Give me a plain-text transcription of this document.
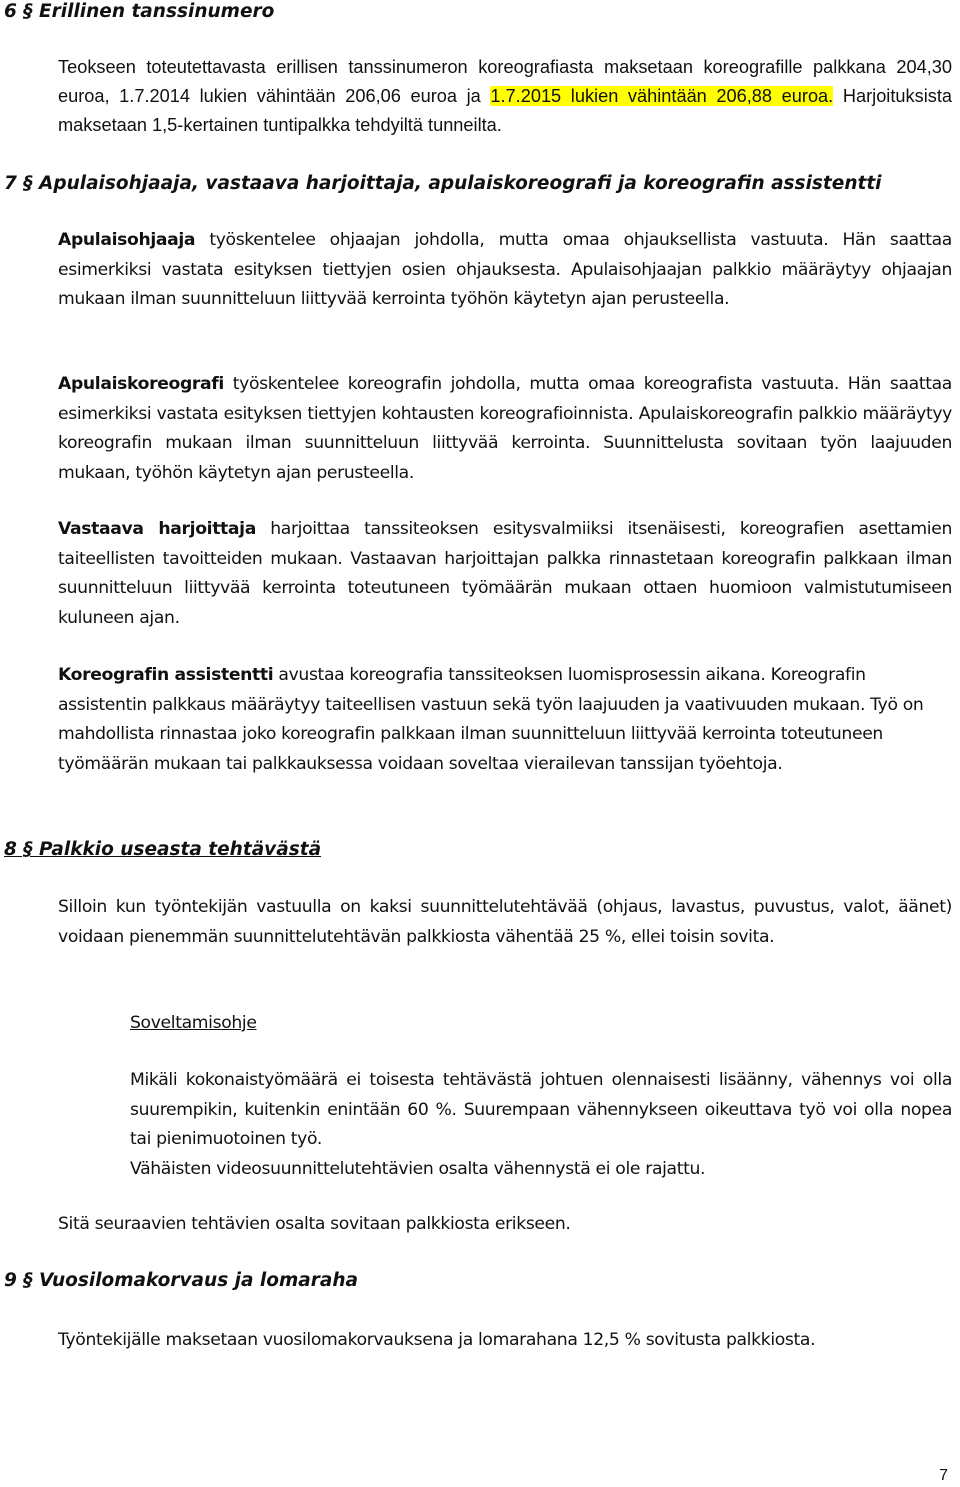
6 § Erillinen tanssinumero

Teokseen toteutettavasta erillisen tanssinumeron koreografiasta maksetaan koreografille palkkana 204,30 euroa, 1.7.2014 lukien vähintään 206,06 euroa ja 1.7.2015 lukien vähintään 206,88 euroa. Harjoituksista maksetaan 1,5-kertainen tuntipalkka tehdyiltä tunneilta.

7 § Apulaisohjaaja, vastaava harjoittaja, apulaiskoreografi ja koreografin assistentti

Apulaisohjaaja työskentelee ohjaajan johdolla, mutta omaa ohjauksellista vastuuta. Hän saattaa esimerkiksi vastata esityksen tiettyjen osien ohjauksesta. Apulaisohjaajan palkkio määräytyy ohjaajan mukaan ilman suunnitteluun liittyvää kerrointa työhön käytetyn ajan perusteella.

Apulaiskoreografi työskentelee koreografin johdolla, mutta omaa koreografista vastuuta. Hän saattaa esimerkiksi vastata esityksen tiettyjen kohtausten koreografioinnista. Apulaiskoreografin palkkio määräytyy koreografin mukaan ilman suunnitteluun liittyvää kerrointa. Suunnittelusta sovitaan työn laajuuden mukaan, työhön käytetyn ajan perusteella.

Vastaava harjoittaja harjoittaa tanssiteoksen esitysvalmiiksi itsenäisesti, koreografien asettamien taiteellisten tavoitteiden mukaan. Vastaavan harjoittajan palkka rinnastetaan koreografin palkkaan ilman suunnitteluun liittyvää kerrointa toteutuneen työmäärän mukaan ottaen huomioon valmistutumiseen kuluneen ajan.

Koreografin assistentti avustaa koreografia tanssiteoksen luomisprosessin aikana. Koreografin assistentin palkkaus määräytyy taiteellisen vastuun sekä työn laajuuden ja vaativuuden mukaan. Työ on mahdollista rinnastaa joko koreografin palkkaan ilman suunnitteluun liittyvää kerrointa toteutuneen työmäärän mukaan tai palkkauksessa voidaan soveltaa vierailevan tanssijan työehtoja.

8 § Palkkio useasta tehtävästä

Silloin kun työntekijän vastuulla on kaksi suunnittelutehtävää (ohjaus, lavastus, puvustus, valot, äänet) voidaan pienemmän suunnittelutehtävän palkkiosta vähentää 25 %, ellei toisin sovita.

Soveltamisohje

Mikäli kokonaistyömäärä ei toisesta tehtävästä johtuen olennaisesti lisäänny, vähennys voi olla suurempikin, kuitenkin enintään 60 %. Suurempaan vähennykseen oikeuttava työ voi olla nopea tai pienimuotoinen työ.
Vähäisten videosuunnittelutehtävien osalta vähennystä ei ole rajattu.

Sitä seuraavien tehtävien osalta sovitaan palkkiosta erikseen.

9 § Vuosilomakorvaus ja lomaraha

Työntekijälle maksetaan vuosilomakorvauksena ja lomarahana 12,5 % sovitusta palkkiosta.

7
